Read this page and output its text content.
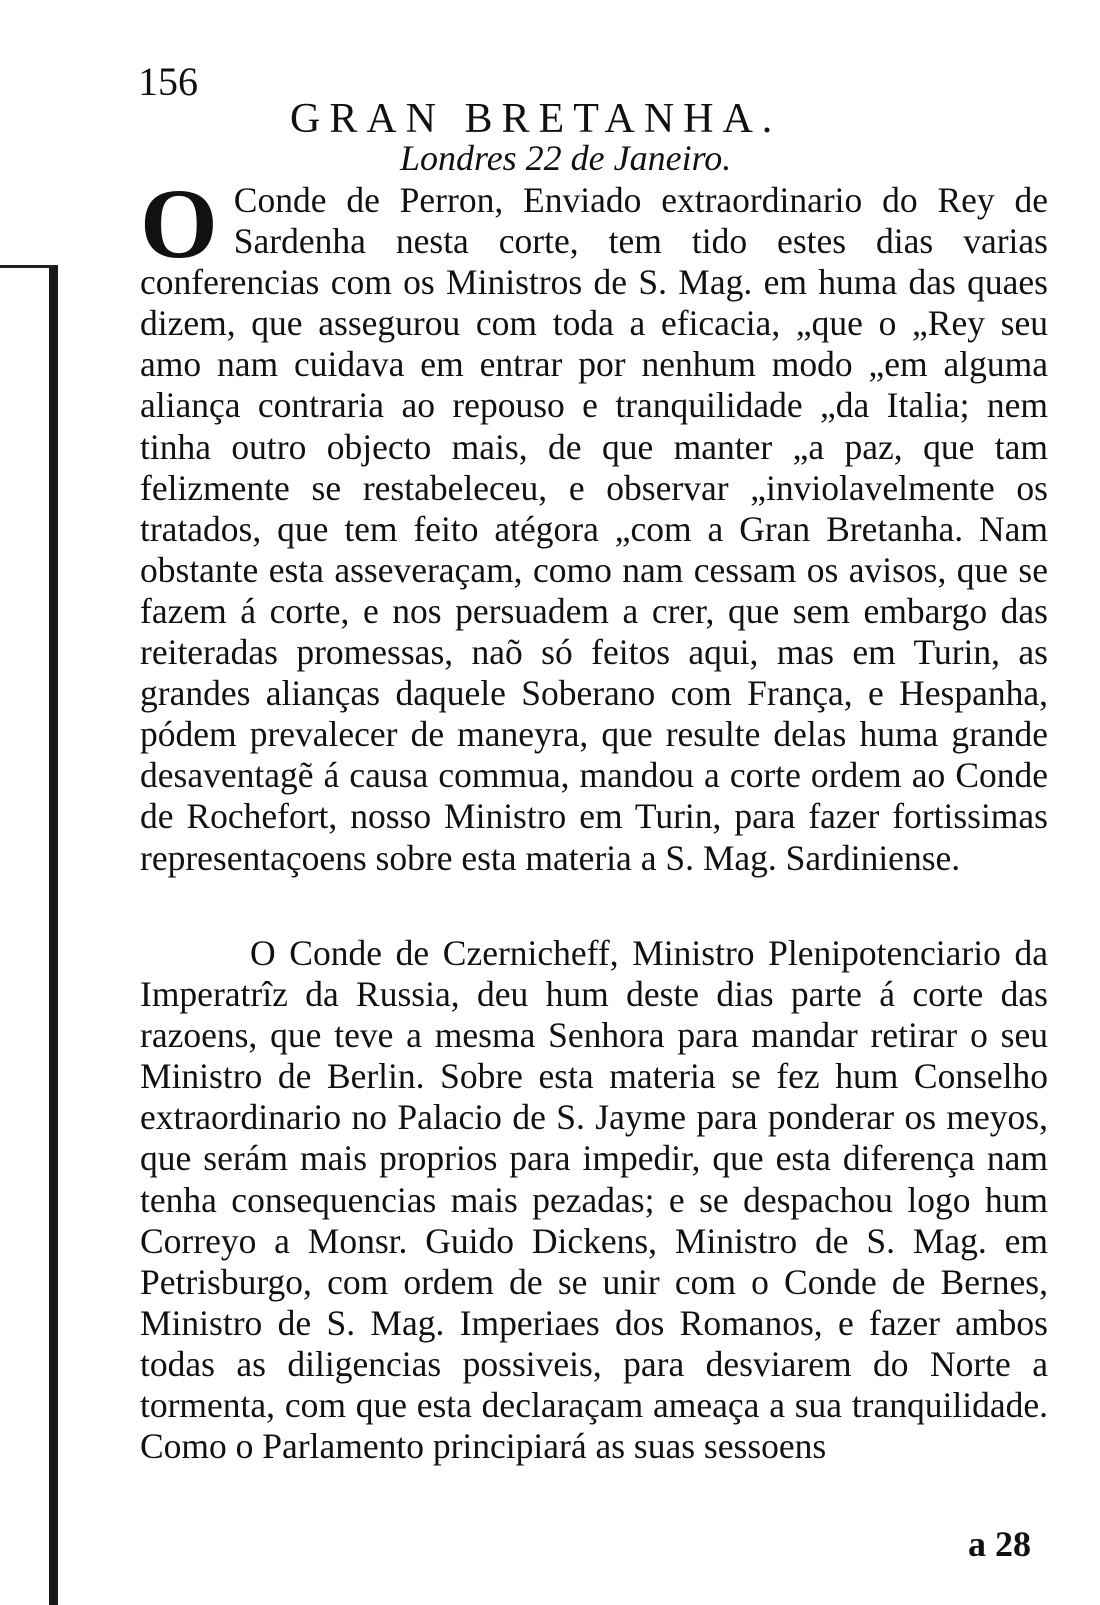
156
GRAN BRETANHA.
Londres 22 de Janeiro.

O Conde de Perron, Enviado extraordinario do Rey de Sardenha nesta corte, tem tido estes dias varias conferencias com os Ministros de S. Mag. em huma das quaes dizem, que assegurou com toda a eficacia, „que o „Rey seu amo nam cuidava em entrar por nenhum modo „em alguma aliança contraria ao repouso e tranquilidade „da Italia; nem tinha outro objecto mais, de que manter „a paz, que tam felizmente se restabeleceu, e observar „inviolavelmente os tratados, que tem feito atégora „com a Gran Bretanha. Nam obstante esta asseveraçam, como nam cessam os avisos, que se fazem á corte, e nos persuadem a crer, que sem embargo das reiteradas promessas, naõ só feitos aqui, mas em Turin, as grandes alianças daquele Soberano com França, e Hespanha, pódem prevalecer de maneyra, que resulte delas huma grande desaventagẽ á causa commua, mandou a corte ordem ao Conde de Rochefort, nosso Ministro em Turin, para fazer fortissimas representaçoens sobre esta materia a S. Mag. Sardiniense.

O Conde de Czernicheff, Ministro Plenipotenciario da Imperatrîz da Russia, deu hum deste dias parte á corte das razoens, que teve a mesma Senhora para mandar retirar o seu Ministro de Berlin. Sobre esta materia se fez hum Conselho extraordinario no Palacio de S. Jayme para ponderar os meyos, que serám mais proprios para impedir, que esta diferença nam tenha consequencias mais pezadas; e se despachou logo hum Correyo a Monsr. Guido Dickens, Ministro de S. Mag. em Petrisburgo, com ordem de se unir com o Conde de Bernes, Ministro de S. Mag. Imperiaes dos Romanos, e fazer ambos todas as diligencias possiveis, para desviarem do Norte a tormenta, com que esta declaraçam ameaça a sua tranquilidade. Como o Parlamento principiará as suas sessoens

a 28
